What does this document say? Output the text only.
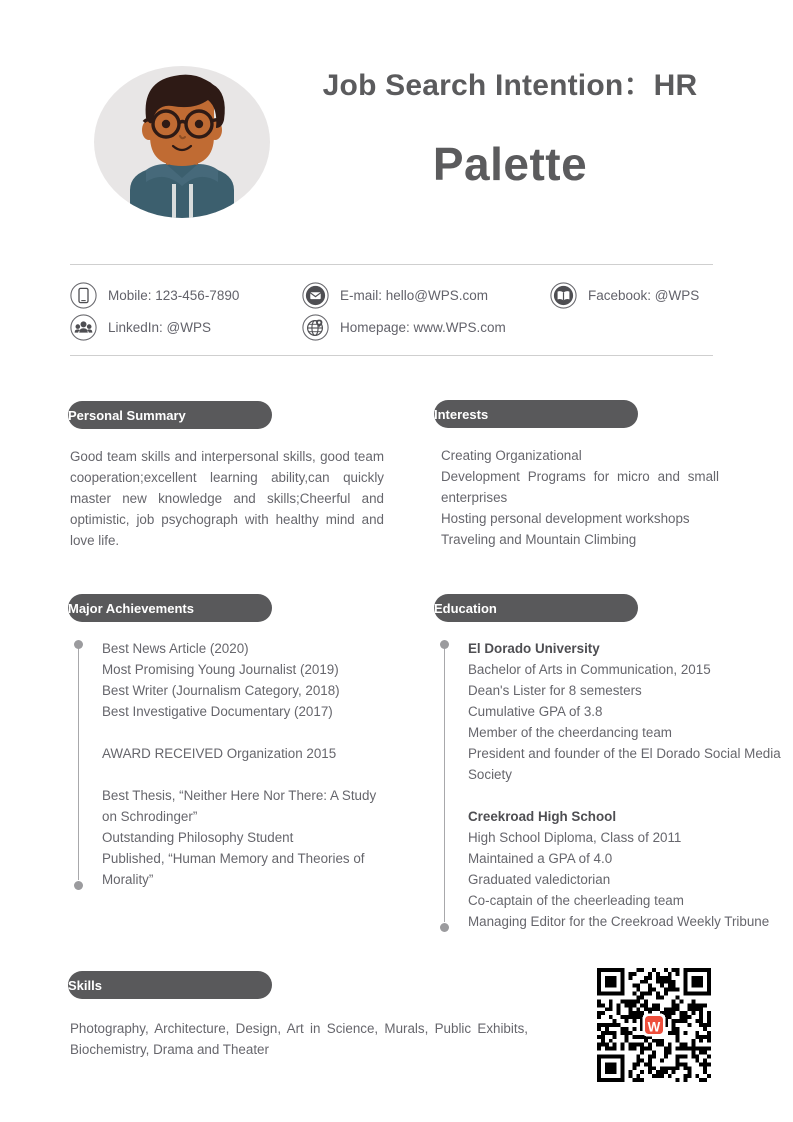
Job Search Intention：HR
Palette
Mobile: 123-456-7890	E-mail: hello@WPS.com	Facebook: @WPS
LinkedIn: @WPS	Homepage: www.WPS.com
Personal Summary
Good team skills and interpersonal skills, good team cooperation;excellent learning ability,can quickly master new knowledge and skills;Cheerful and optimistic, job psychograph with healthy mind and love life.
Interests
Creating Organizational
Development Programs for micro and small enterprises
Hosting personal development workshops
Traveling and Mountain Climbing
Major Achievements
Best News Article (2020)
Most Promising Young Journalist (2019)
Best Writer (Journalism Category, 2018)
Best Investigative Documentary (2017)
AWARD RECEIVED Organization 2015
Best Thesis, “Neither Here Nor There: A Study on Schrodinger”
Outstanding Philosophy Student
Published, “Human Memory and Theories of Morality”
Education
El Dorado University
Bachelor of Arts in Communication, 2015
Dean's Lister for 8 semesters
Cumulative GPA of 3.8
Member of the cheerdancing team
President and founder of the El Dorado Social Media Society
Creekroad High School
High School Diploma, Class of 2011
Maintained a GPA of 4.0
Graduated valedictorian
Co-captain of the cheerleading team
Managing Editor for the Creekroad Weekly Tribune
Skills
Photography, Architecture, Design, Art in Science, Murals, Public Exhibits, Biochemistry, Drama and Theater
W
